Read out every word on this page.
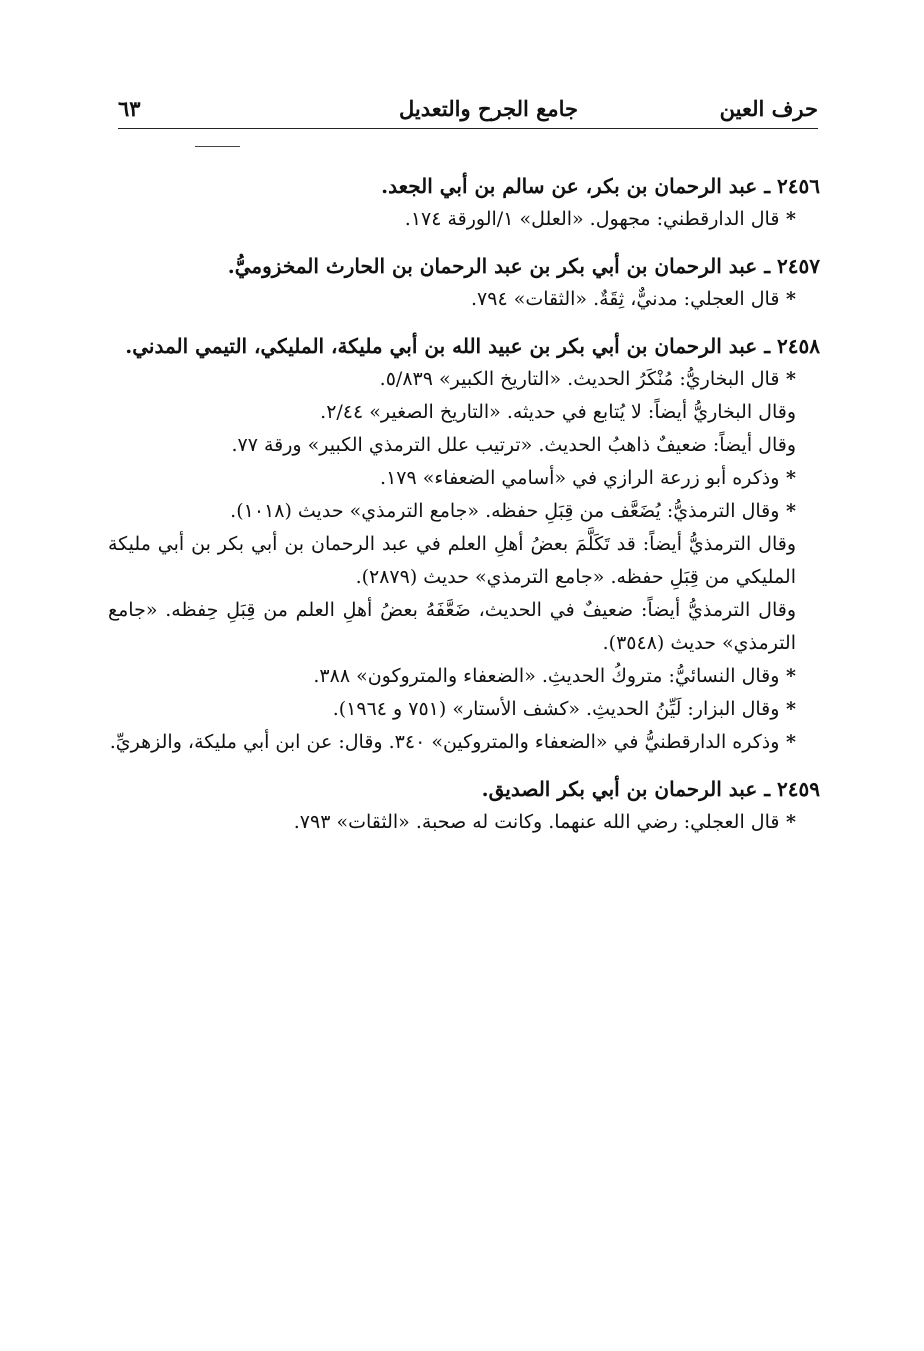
حرف العين
جامع الجرح والتعديل
٦٣

٢٤٥٦ ـ عبد الرحمان بن بكر، عن سالم بن أبي الجعد.

* قال الدارقطني: مجهول. «العلل» ١/الورقة ١٧٤.

٢٤٥٧ ـ عبد الرحمان بن أبي بكر بن عبد الرحمان بن الحارث المخزوميُّ.

* قال العجلي: مدنيٌّ، ثِقَةٌ. «الثقات» ٧٩٤.

٢٤٥٨ ـ عبد الرحمان بن أبي بكر بن عبيد الله بن أبي مليكة، المليكي، التيمي المدني.

* قال البخاريُّ: مُنْكَرُ الحديث. «التاريخ الكبير» ٥/٨٣٩.

وقال البخاريُّ أيضاً: لا يُتابع في حديثه. «التاريخ الصغير» ٢/٤٤.

وقال أيضاً: ضعيفٌ ذاهبُ الحديث. «ترتيب علل الترمذي الكبير» ورقة ٧٧.

* وذكره أبو زرعة الرازي في «أسامي الضعفاء» ١٧٩.

* وقال الترمذيُّ: يُضَعَّف من قِبَلِ حفظه. «جامع الترمذي» حديث (١٠١٨).

وقال الترمذيُّ أيضاً: قد تَكَلَّمَ بعضُ أهلِ العلم في عبد الرحمان بن أبي بكر بن أبي مليكة المليكي من قِبَلِ حفظه. «جامع الترمذي» حديث (٢٨٧٩).

وقال الترمذيُّ أيضاً: ضعيفٌ في الحديث، ضَعَّفَهُ بعضُ أهلِ العلم من قِبَلِ حِفظه. «جامع الترمذي» حديث (٣٥٤٨).

* وقال النسائيُّ: متروكُ الحديثِ. «الضعفاء والمتروكون» ٣٨٨.

* وقال البزار: لَيِّنُ الحديثِ. «كشف الأستار» (٧٥١ و ١٩٦٤).

* وذكره الدارقطنيُّ في «الضعفاء والمتروكين» ٣٤٠. وقال: عن ابن أبي مليكة، والزهريِّ.

٢٤٥٩ ـ عبد الرحمان بن أبي بكر الصديق.

* قال العجلي: رضي الله عنهما. وكانت له صحبة. «الثقات» ٧٩٣.
